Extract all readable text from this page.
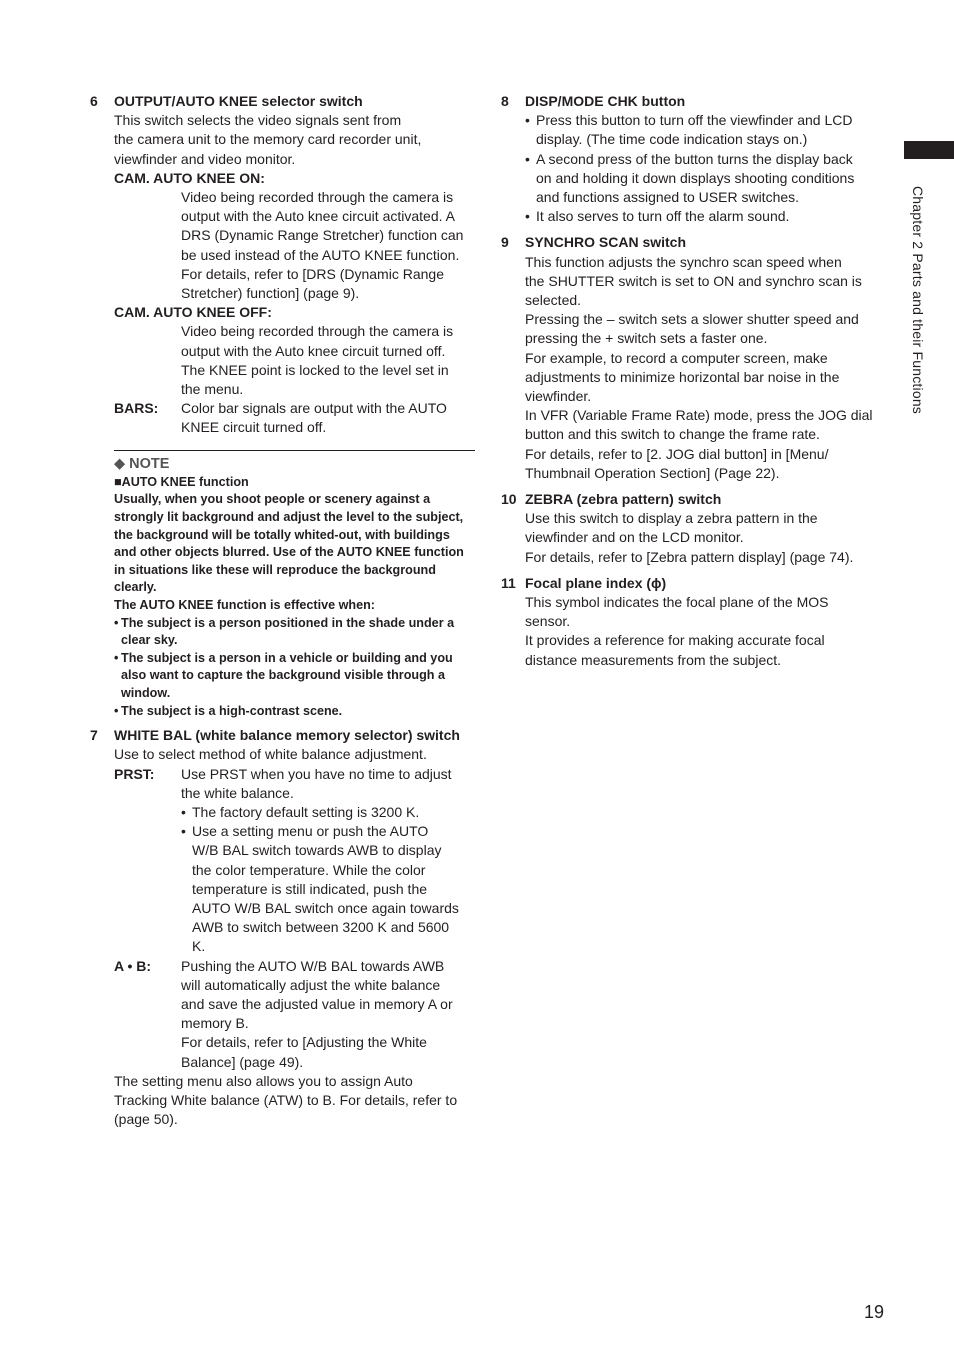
Chapter 2 Parts and their Functions
6	OUTPUT/AUTO KNEE selector switch
This switch selects the video signals sent from
the camera unit to the memory card recorder unit,
viewfinder and video monitor.
CAM. AUTO KNEE ON:
Video being recorded through the camera is
output with the Auto knee circuit activated. A
DRS (Dynamic Range Stretcher) function can
be used instead of the AUTO KNEE function.
For details, refer to [DRS (Dynamic Range
Stretcher) function] (page 9).
CAM. AUTO KNEE OFF:
Video being recorded through the camera is
output with the Auto knee circuit turned off.
The KNEE point is locked to the level set in
the menu.
BARS:	Color bar signals are output with the AUTO
KNEE circuit turned off.
◆ NOTE
■AUTO KNEE function
Usually, when you shoot people or scenery against a
strongly lit background and adjust the level to the subject,
the background will be totally whited-out, with buildings
and other objects blurred. Use of the AUTO KNEE function
in situations like these will reproduce the background
clearly.
The AUTO KNEE function is effective when:
• The subject is a person positioned in the shade under a
clear sky.
• The subject is a person in a vehicle or building and you
also want to capture the background visible through a
window.
• The subject is a high-contrast scene.
7	WHITE BAL (white balance memory selector) switch
Use to select method of white balance adjustment.
PRST:	Use PRST when you have no time to adjust
the white balance.
• The factory default setting is 3200 K.
• Use a setting menu or push the AUTO
W/B BAL switch towards AWB to display
the color temperature. While the color
temperature is still indicated, push the
AUTO W/B BAL switch once again towards
AWB to switch between 3200 K and 5600
K.
A • B:	Pushing the AUTO W/B BAL towards AWB
will automatically adjust the white balance
and save the adjusted value in memory A or
memory B.
For details, refer to [Adjusting the White
Balance] (page 49).
The setting menu also allows you to assign Auto
Tracking White balance (ATW) to B. For details, refer to
(page 50).
8	DISP/MODE CHK button
• Press this button to turn off the viewfinder and LCD
display. (The time code indication stays on.)
• A second press of the button turns the display back
on and holding it down displays shooting conditions
and functions assigned to USER switches.
• It also serves to turn off the alarm sound.
9	SYNCHRO SCAN switch
This function adjusts the synchro scan speed when
the SHUTTER switch is set to ON and synchro scan is
selected.
Pressing the – switch sets a slower shutter speed and
pressing the + switch sets a faster one.
For example, to record a computer screen, make
adjustments to minimize horizontal bar noise in the
viewfinder.
In VFR (Variable Frame Rate) mode, press the JOG dial
button and this switch to change the frame rate.
For details, refer to [2. JOG dial button] in [Menu/
Thumbnail Operation Section] (Page 22).
10 ZEBRA (zebra pattern) switch
Use this switch to display a zebra pattern in the
viewfinder and on the LCD monitor.
For details, refer to [Zebra pattern display] (page 74).
11 Focal plane index (ɸ)
This symbol indicates the focal plane of the MOS
sensor.
It provides a reference for making accurate focal
distance measurements from the subject.
19
